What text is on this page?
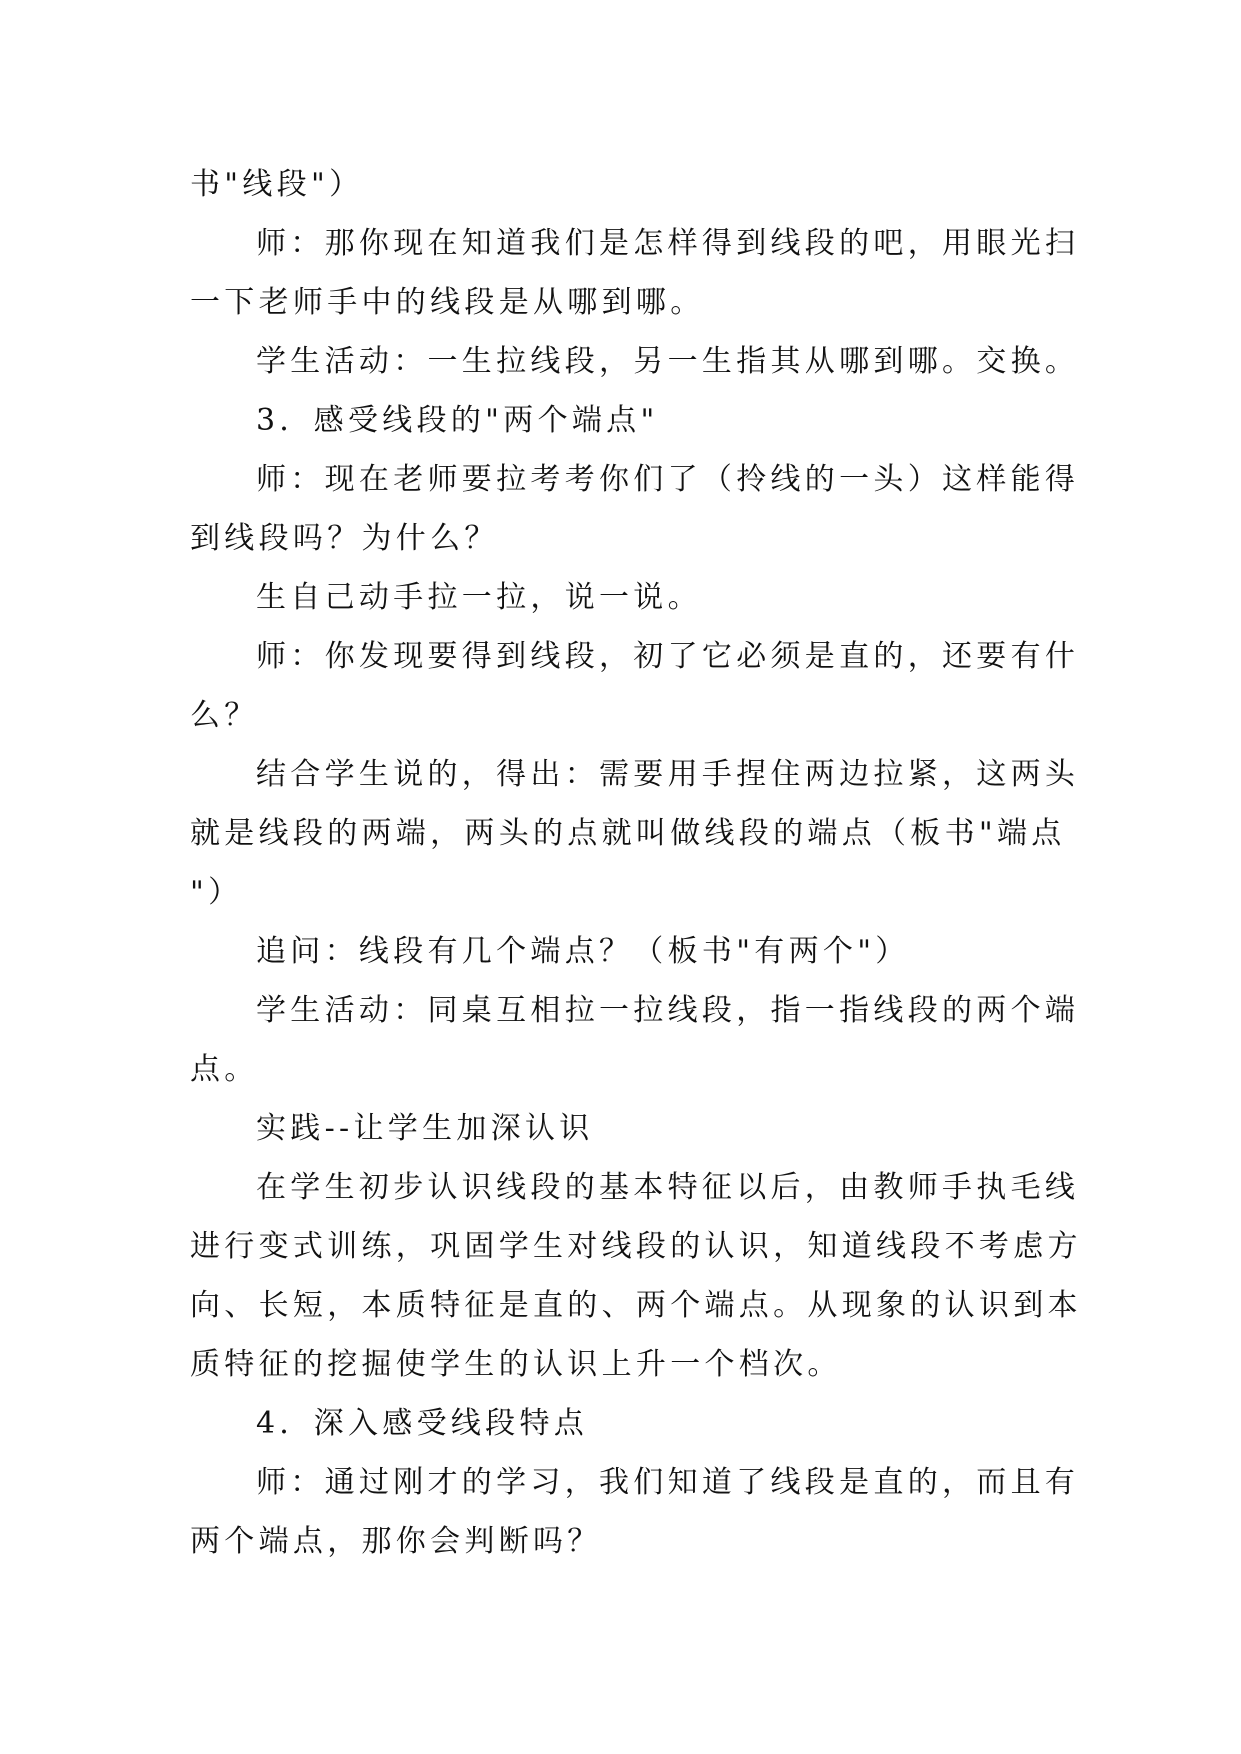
书"线段"）
师：那你现在知道我们是怎样得到线段的吧，用眼光扫
一下老师手中的线段是从哪到哪。
学生活动：一生拉线段，另一生指其从哪到哪。交换。
3．感受线段的"两个端点"
师：现在老师要拉考考你们了（拎线的一头）这样能得
到线段吗？为什么？
生自己动手拉一拉，说一说。
师：你发现要得到线段，初了它必须是直的，还要有什
么？
结合学生说的，得出：需要用手捏住两边拉紧，这两头
就是线段的两端，两头的点就叫做线段的端点（板书"端点
"）
追问：线段有几个端点？（板书"有两个"）
学生活动：同桌互相拉一拉线段，指一指线段的两个端
点。
实践--让学生加深认识
在学生初步认识线段的基本特征以后，由教师手执毛线
进行变式训练，巩固学生对线段的认识，知道线段不考虑方
向、长短，本质特征是直的、两个端点。从现象的认识到本
质特征的挖掘使学生的认识上升一个档次。
4．深入感受线段特点
师：通过刚才的学习，我们知道了线段是直的，而且有
两个端点，那你会判断吗？
